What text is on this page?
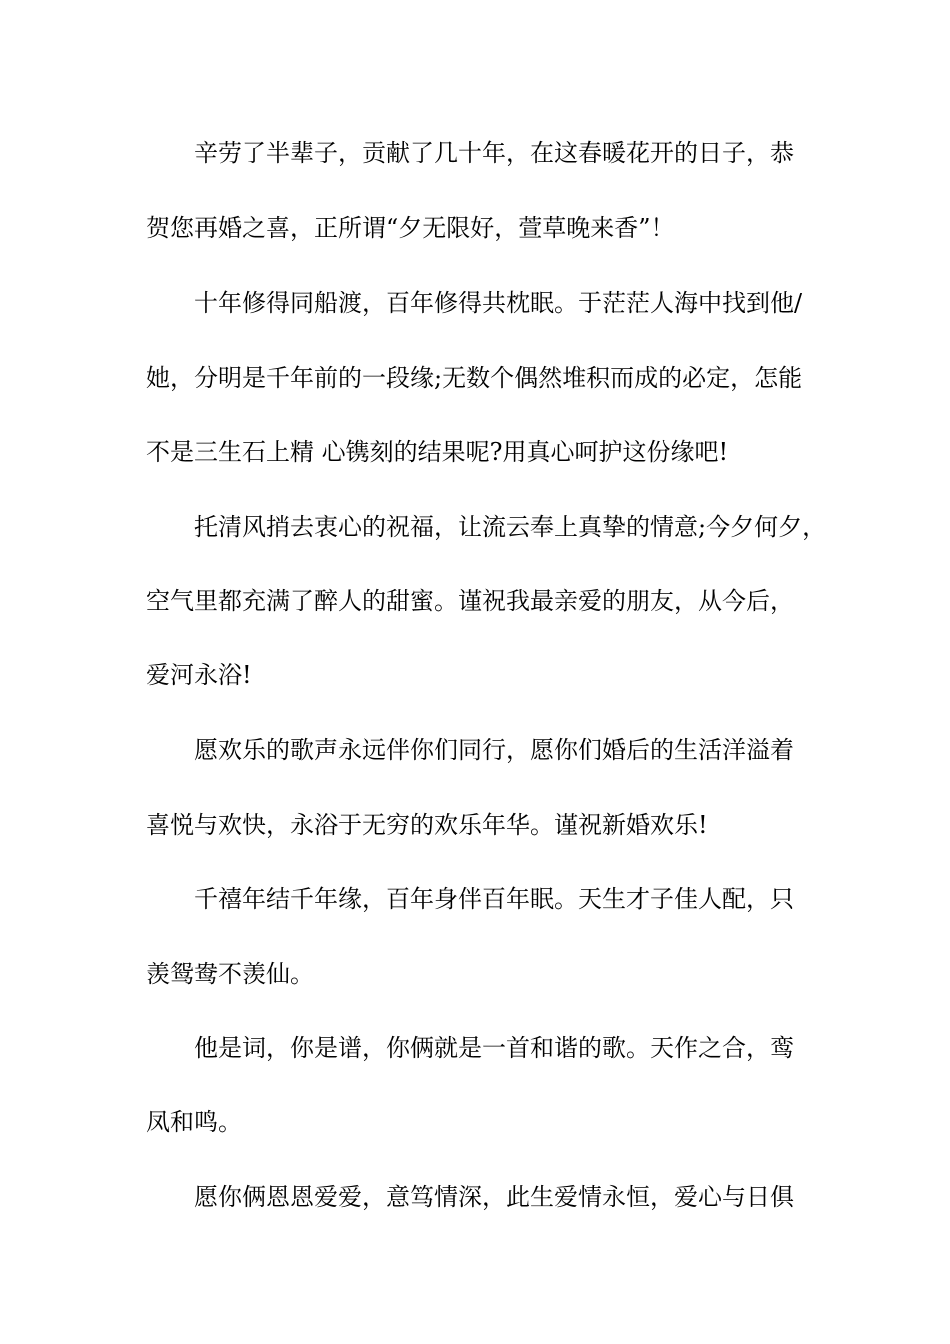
辛劳了半辈子，贡献了几十年，在这春暖花开的日子，恭
贺您再婚之喜，正所谓“夕无限好，萱草晚来香”！
十年修得同船渡，百年修得共枕眠。于茫茫人海中找到他/
她，分明是千年前的一段缘;无数个偶然堆积而成的必定，怎能
不是三生石上精 心镌刻的结果呢?用真心呵护这份缘吧!
托清风捎去衷心的祝福，让流云奉上真挚的情意;今夕何夕，
空气里都充满了醉人的甜蜜。谨祝我最亲爱的朋友，从今后，
爱河永浴!
愿欢乐的歌声永远伴你们同行，愿你们婚后的生活洋溢着
喜悦与欢快，永浴于无穷的欢乐年华。谨祝新婚欢乐!
千禧年结千年缘，百年身伴百年眠。天生才子佳人配，只
羡鸳鸯不羡仙。
他是词，你是谱，你俩就是一首和谐的歌。天作之合，鸾
凤和鸣。
愿你俩恩恩爱爱，意笃情深，此生爱情永恒，爱心与日俱
